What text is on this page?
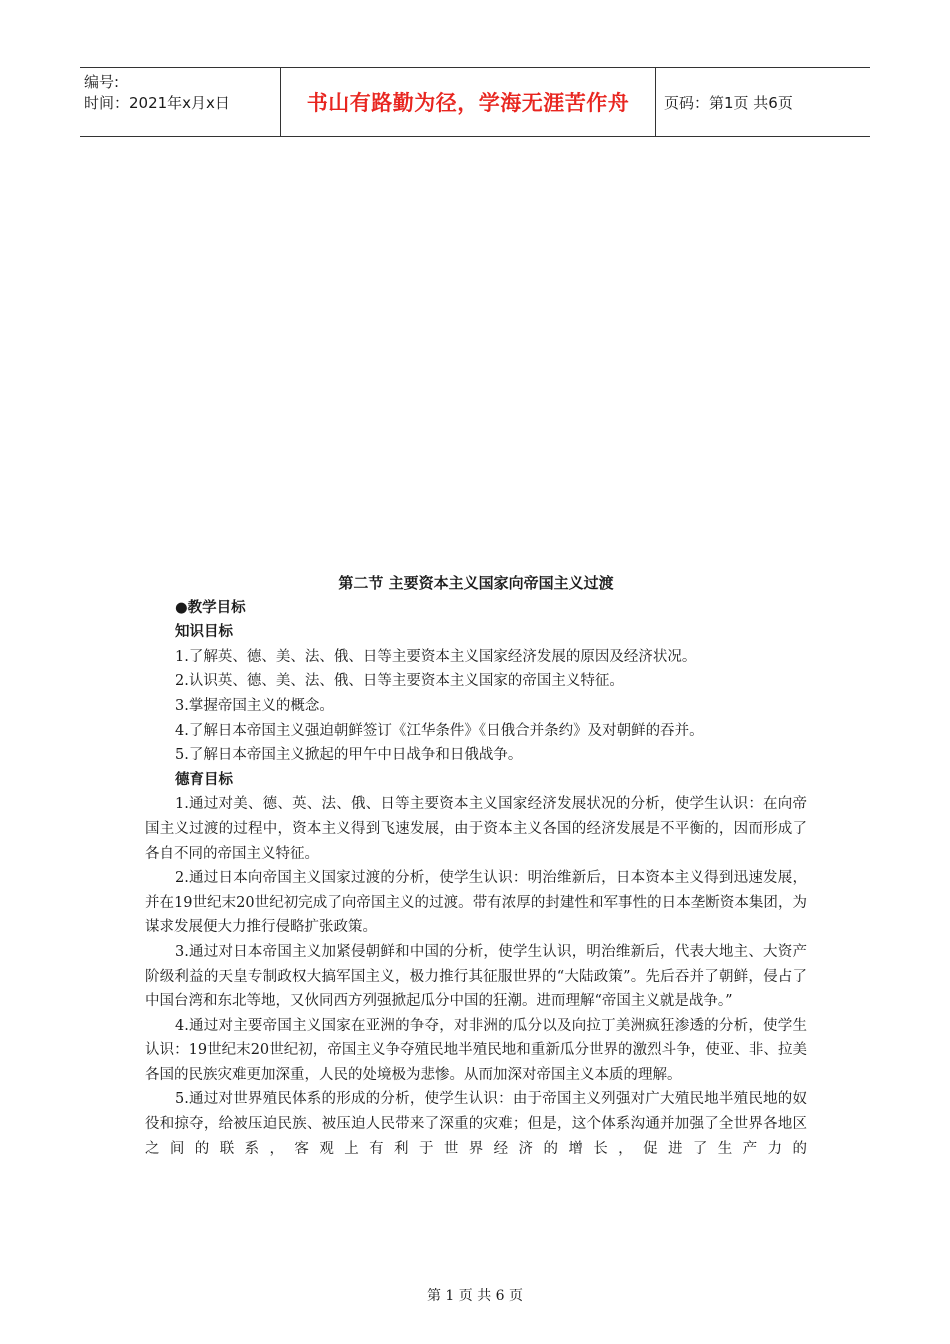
编号:
时间：2021年x月x日	书山有路勤为径，学海无涯苦作舟 页码：第1页 共6页
第二节 主要资本主义国家向帝国主义过渡
●教学目标
知识目标
1.了解英、德、美、法、俄、日等主要资本主义国家经济发展的原因及经济状况。
2.认识英、德、美、法、俄、日等主要资本主义国家的帝国主义特征。
3.掌握帝国主义的概念。
4.了解日本帝国主义强迫朝鲜签订《江华条件》《日俄合并条约》及对朝鲜的吞并。
5.了解日本帝国主义掀起的甲午中日战争和日俄战争。
德育目标
1.通过对美、德、英、法、俄、日等主要资本主义国家经济发展状况的分析，使学生认识：在向帝国主义过渡的过程中，资本主义得到飞速发展，由于资本主义各国的经济发展是不平衡的，因而形成了各自不同的帝国主义特征。
2.通过日本向帝国主义国家过渡的分析，使学生认识：明治维新后，日本资本主义得到迅速发展，并在19世纪末20世纪初完成了向帝国主义的过渡。带有浓厚的封建性和军事性的日本垄断资本集团，为谋求发展便大力推行侵略扩张政策。
3.通过对日本帝国主义加紧侵朝鲜和中国的分析，使学生认识，明治维新后，代表大地主、大资产阶级利益的天皇专制政权大搞军国主义，极力推行其征服世界的“大陆政策”。先后吞并了朝鲜，侵占了中国台湾和东北等地，又伙同西方列强掀起瓜分中国的狂潮。进而理解“帝国主义就是战争。”
4.通过对主要帝国主义国家在亚洲的争夺，对非洲的瓜分以及向拉丁美洲疯狂渗透的分析，使学生认识：19世纪末20世纪初，帝国主义争夺殖民地半殖民地和重新瓜分世界的激烈斗争，使亚、非、拉美各国的民族灾难更加深重，人民的处境极为悲惨。从而加深对帝国主义本质的理解。
5.通过对世界殖民体系的形成的分析，使学生认识：由于帝国主义列强对广大殖民地半殖民地的奴役和掠夺，给被压迫民族、被压迫人民带来了深重的灾难；但是，这个体系沟通并加强了全世界各地区之间的联系，客观上有利于世界经济的增长，促进了生产力的
第 1 页 共 6 页
